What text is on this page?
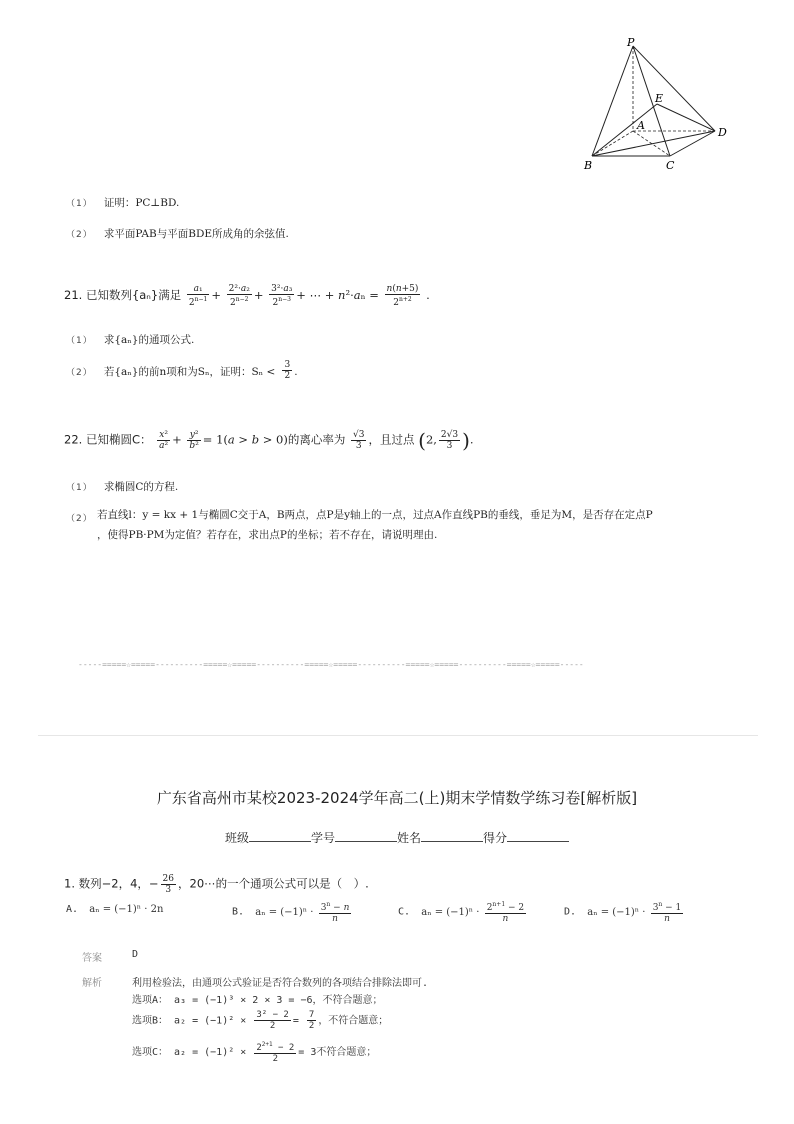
P
E
A
D
B	C
（1） 证明：PC⊥BD.
（2） 求平面PAB与平面BDE所成角的余弦值.
21. 已知数列{aₙ}满足 $\frac{\text{a₁}}{2^{n-1}} + \frac{\text{2²·a₂}}{2^{n-2}} + \frac{\text{3²·a₃}}{2^{n-3}}$ + ⋯ + $n^2\cdot a_n = \frac{n(n+5)}{2^{n+2}}$ .
（1） 求{aₙ}的通项公式.
（2） 若{aₙ}的前n项和为Sₙ，证明：$S_n < \frac{3}{2}$ .
22. 已知椭圆C： $\frac{\text{x²}}{\text{a²}} + \frac{\text{y²}}{\text{b²}} = 1(a > b > 0)$的离心率为 $\frac{√3}{3}$ ，且过点 (2, $\frac{2√3}{3}$ ).
（1） 求椭圆C的方程.
（2） 若直线l：y = kx + 1与椭圆C交于A，B两点，点P是y轴上的一点，过点A作直线PB的垂线，垂足为M，是否存在定点P
，使得PB·PM为定值？若存在，求出点P的坐标；若不存在，请说明理由.
-----=====☆=====----------=====☆=====----------=====☆=====----------=====☆=====----------=====☆=====-----
广东省高州市某校2023-2024学年高二(上)期末学情数学练习卷[解析版]
班级	学号	姓名	得分
1. 数列−2，4，− $\frac{26}{3}$ ，20⋯的一个通项公式可以是（　）.
A. aₙ = (−1)ⁿ · 2n	B. $a_n = (-1)^n \cdot \frac{3^n - n}{n}$	C. $a_n = (-1)^n \cdot \frac{2^{n+1} - 2}{n}$	D. $a_n = (-1)^n \cdot \frac{3^n - 1}{n}$
答案	D
解析	利用检验法，由通项公式验证是否符合数列的各项结合排除法即可.
选项A： a₃ = (−1)³ × 2 × 3 = −6，不符合题意；
选项B： $a_2 = (-1)^2 \times \frac{\text{3² − 2}}{2} = \frac{7}{2}$ ，不符合题意；
选项C： $a_2 = (-1)^2 \times \frac{2^{2+1} - 2}{2} = 3$不符合题意；
